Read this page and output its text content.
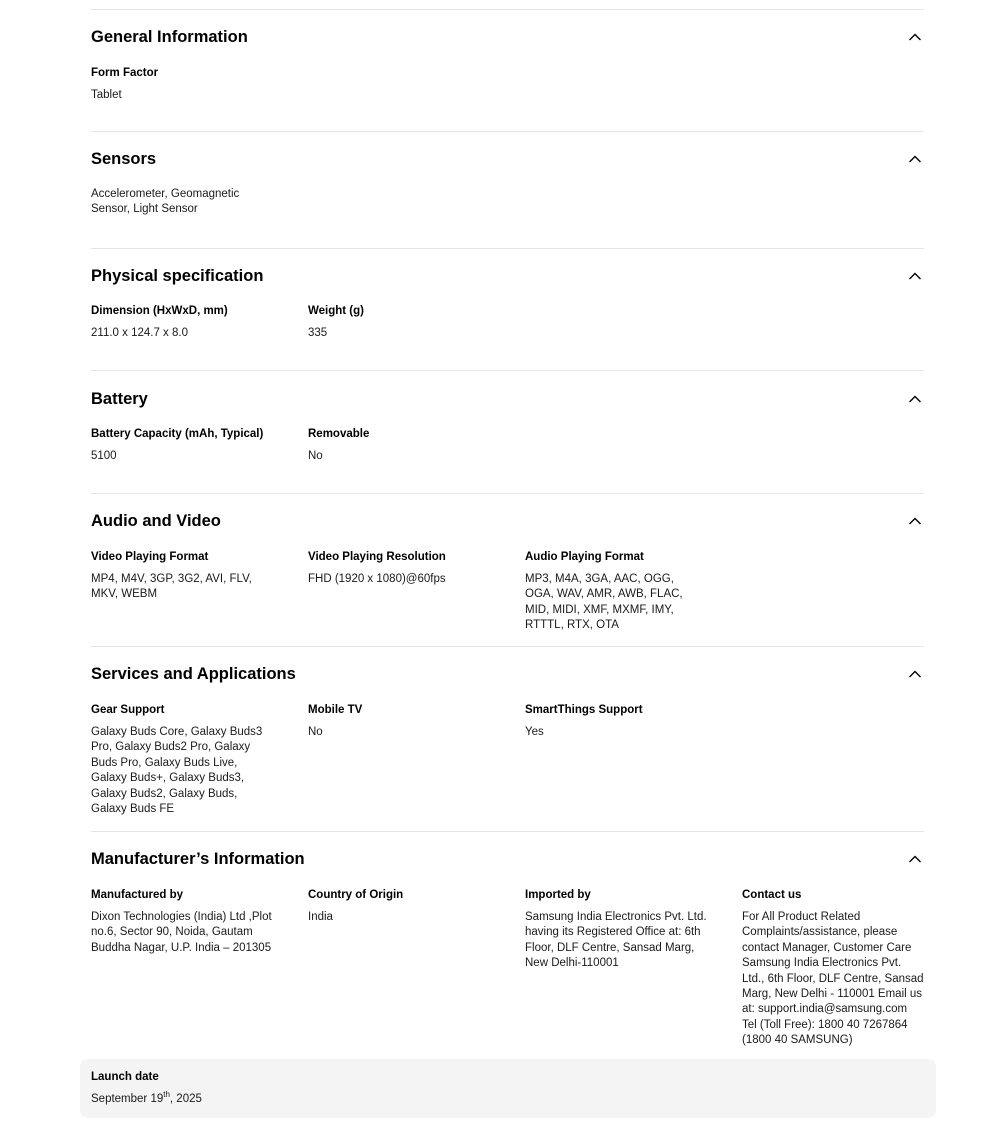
General Information
Form Factor
Tablet
Sensors
Accelerometer, Geomagnetic Sensor, Light Sensor
Physical specification
Dimension (HxWxD, mm)
211.0 x 124.7 x 8.0
Weight (g)
335
Battery
Battery Capacity (mAh, Typical)
5100
Removable
No
Audio and Video
Video Playing Format
MP4, M4V, 3GP, 3G2, AVI, FLV, MKV, WEBM
Video Playing Resolution
FHD (1920 x 1080)@60fps
Audio Playing Format
MP3, M4A, 3GA, AAC, OGG, OGA, WAV, AMR, AWB, FLAC, MID, MIDI, XMF, MXMF, IMY, RTTTL, RTX, OTA
Services and Applications
Gear Support
Galaxy Buds Core, Galaxy Buds3 Pro, Galaxy Buds2 Pro, Galaxy Buds Pro, Galaxy Buds Live, Galaxy Buds+, Galaxy Buds3, Galaxy Buds2, Galaxy Buds, Galaxy Buds FE
Mobile TV
No
SmartThings Support
Yes
Manufacturer’s Information
Manufactured by
Dixon Technologies (India) Ltd ,Plot no.6, Sector 90, Noida, Gautam Buddha Nagar, U.P. India – 201305
Country of Origin
India
Imported by
Samsung India Electronics Pvt. Ltd. having its Registered Office at: 6th Floor, DLF Centre, Sansad Marg, New Delhi-110001
Contact us
For All Product Related Complaints/assistance, please contact Manager, Customer Care Samsung India Electronics Pvt. Ltd., 6th Floor, DLF Centre, Sansad Marg, New Delhi - 110001 Email us at: support.india@samsung.com Tel (Toll Free): 1800 40 7267864 (1800 40 SAMSUNG)
Launch date
September 19th, 2025
